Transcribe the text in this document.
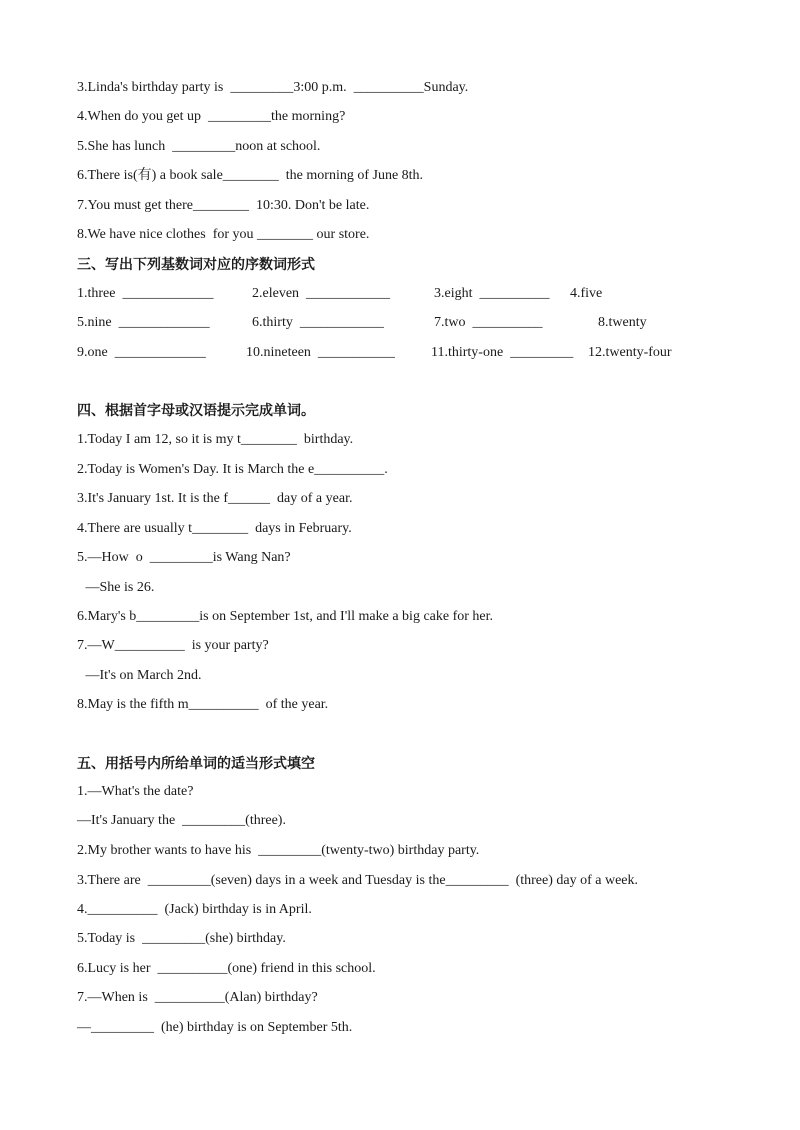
3.Linda's birthday party is  _________3:00 p.m.  __________Sunday.

4.When do you get up  _________the morning?

5.She has lunch  _________noon at school.

6.There is(有) a book sale________  the morning of June 8th.

7.You must get there________  10:30. Don't be late.

8.We have nice clothes  for you ________ our store.

三、写出下列基数词对应的序数词形式

1.three  _____________	2.eleven  ____________	3.eight  __________ 4.five
5.nine  _____________	6.thirty  ____________	7.two  __________	8.twenty
9.one  _____________	10.nineteen  ___________	11.thirty-one  _________ 12.twenty-four

四、根据首字母或汉语提示完成单词。

1.Today I am 12, so it is my t________  birthday.

2.Today is Women's Day. It is March the e__________.

3.It's January 1st. It is the f______  day of a year.

4.There are usually t________  days in February.

5.—How  o  _________is Wang Nan?

—She is 26.

6.Mary's b_________is on September 1st, and I'll make a big cake for her.

7.—W__________  is your party?

—It's on March 2nd.

8.May is the fifth m__________  of the year.

五、用括号内所给单词的适当形式填空

1.—What's the date?

—It's January the  _________(three).

2.My brother wants to have his  _________(twenty-two) birthday party.

3.There are  _________(seven) days in a week and Tuesday is the_________  (three) day of a week.

4.__________  (Jack) birthday is in April.

5.Today is  _________(she) birthday.

6.Lucy is her  __________(one) friend in this school.

7.—When is  __________(Alan) birthday?

—_________  (he) birthday is on September 5th.
